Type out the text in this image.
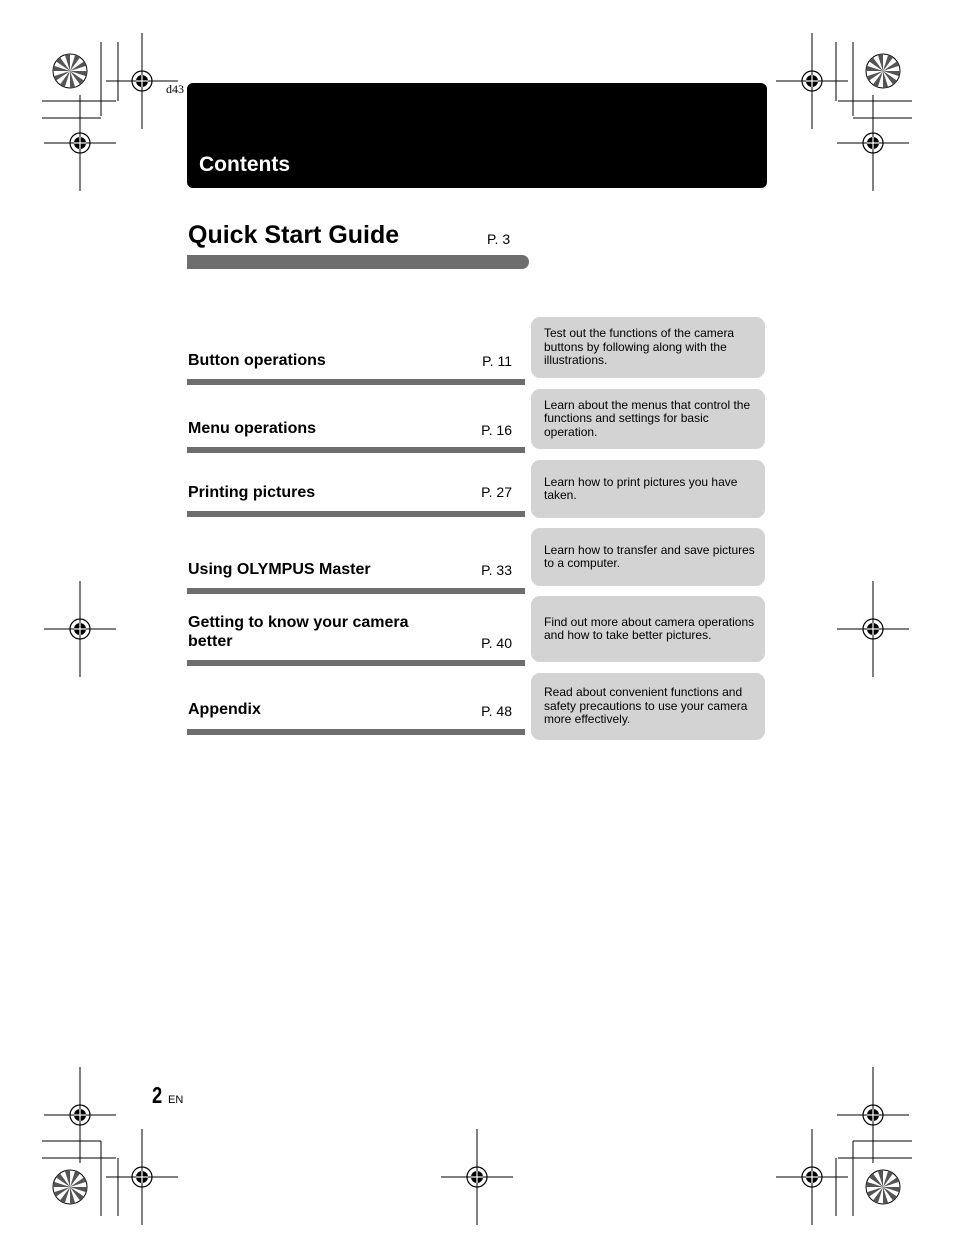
d43
Contents
Quick Start Guide	P. 3
Button operations	P. 11
Test out the functions of the camera buttons by following along with the illustrations.
Menu operations	P. 16
Learn about the menus that control the functions and settings for basic operation.
Printing pictures	P. 27
Learn how to print pictures you have taken.
Using OLYMPUS Master	P. 33
Learn how to transfer and save pictures to a computer.
Getting to know your camera better	P. 40
Find out more about camera operations and how to take better pictures.
Appendix	P. 48
Read about convenient functions and safety precautions to use your camera more effectively.
2 EN
